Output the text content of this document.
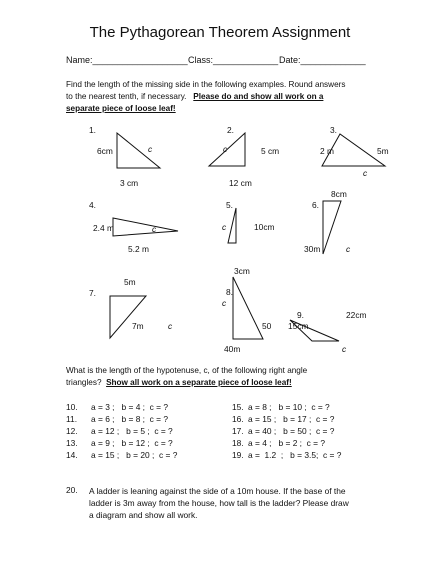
The Pythagorean Theorem Assignment
Name:___________________ Class:_____________ Date:_____________
Find the length of the missing side in the following examples. Round answers
to the nearest tenth, if necessary. Please do and show all work on a
separate piece of loose leaf!
1.
6cm	c
3 cm
2.
c	5 cm
12 cm
3.
2 m	5m
c
8cm
4.
2.4 m	c
5.2 m
5.
c	10cm
6.
30m	c
3cm
5m
7.
7m	c
8.
c
50
40m
9.	22cm
15cm
c
What is the length of the hypotenuse, c, of the following right angle
triangles? Show all work on a separate piece of loose leaf!
10. a = 3 ;   b = 4 ;  c = ?
11. a = 6 ;   b = 8 ;  c = ?
12. a = 12 ;   b = 5 ;  c = ?
13. a = 9 ;   b = 12 ;  c = ?
14. a = 15 ;   b = 20 ;  c = ?
15. a = 8 ;   b = 10 ;  c = ?
16. a = 15 ;   b = 17 ;  c = ?
17. a = 40 ;   b = 50 ;  c = ?
18. a = 4 ;   b = 2 ;  c = ?
19. a =  1.2  ;   b = 3.5;  c = ?
20. A ladder is leaning against the side of a 10m house. If the base of the
ladder is 3m away from the house, how tall is the ladder? Please draw
a diagram and show all work.
